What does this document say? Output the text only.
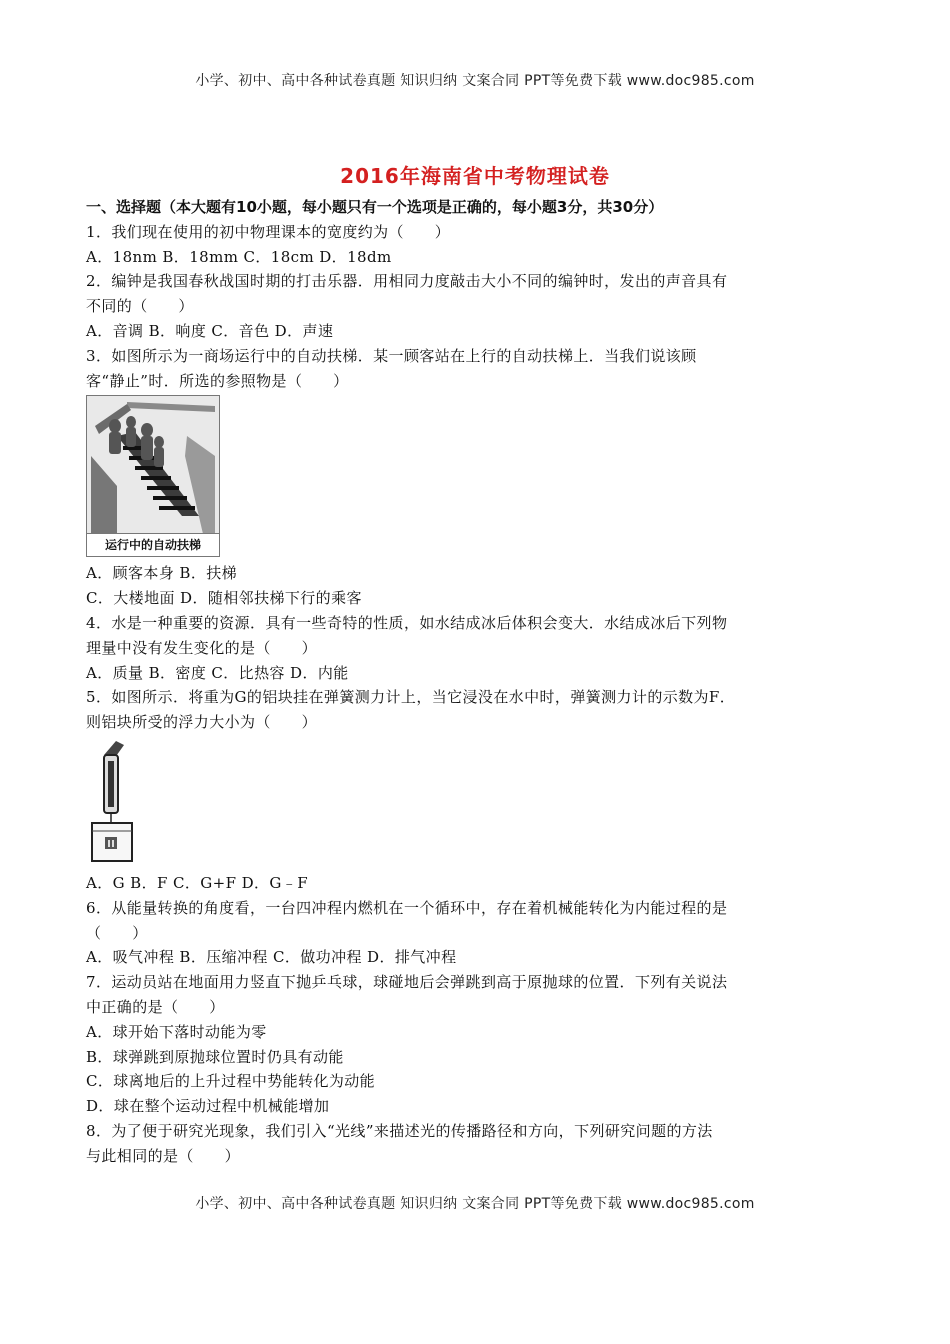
小学、初中、高中各种试卷真题 知识归纳 文案合同 PPT等免费下载 www.doc985.com
2016年海南省中考物理试卷
一、选择题（本大题有10小题，每小题只有一个选项是正确的，每小题3分，共30分）
1．我们现在使用的初中物理课本的宽度约为（　　）
A．18nm B．18mm C．18cm D．18dm
2．编钟是我国春秋战国时期的打击乐器．用相同力度敲击大小不同的编钟时，发出的声音具有
不同的（　　）
A．音调 B．响度 C．音色 D．声速
3．如图所示为一商场运行中的自动扶梯．某一顾客站在上行的自动扶梯上．当我们说该顾
客“静止”时．所选的参照物是（　　）
运行中的自动扶梯
A．顾客本身 B．扶梯
C．大楼地面 D．随相邻扶梯下行的乘客
4．水是一种重要的资源．具有一些奇特的性质，如水结成冰后体积会变大．水结成冰后下列物
理量中没有发生变化的是（　　）
A．质量 B．密度 C．比热容 D．内能
5．如图所示．将重为G的铝块挂在弹簧测力计上，当它浸没在水中时，弹簧测力计的示数为F．
则铝块所受的浮力大小为（　　）
A．G B．F C．G+F D．G﹣F
6．从能量转换的角度看，一台四冲程内燃机在一个循环中，存在着机械能转化为内能过程的是
（　　）
A．吸气冲程 B．压缩冲程 C．做功冲程 D．排气冲程
7．运动员站在地面用力竖直下抛乒乓球，球碰地后会弹跳到高于原抛球的位置．下列有关说法
中正确的是（　　）
A．球开始下落时动能为零
B．球弹跳到原抛球位置时仍具有动能
C．球离地后的上升过程中势能转化为动能
D．球在整个运动过程中机械能增加
8．为了便于研究光现象，我们引入“光线”来描述光的传播路径和方向，下列研究问题的方法
与此相同的是（　　）
小学、初中、高中各种试卷真题 知识归纳 文案合同 PPT等免费下载 www.doc985.com
